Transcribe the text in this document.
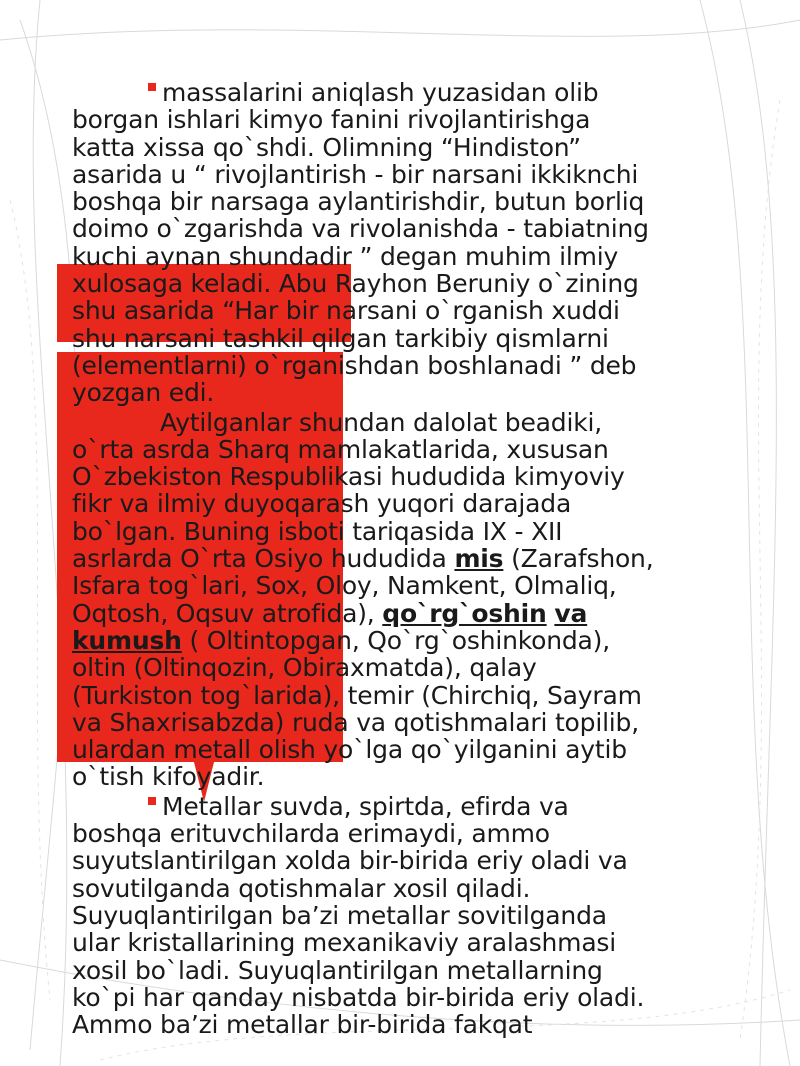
massalarini aniqlash yuzasidan olib
borgan ishlari kimyo fanini rivojlantirishga
katta xissa qo`shdi. Olimning “Hindiston”
asarida u “ rivojlantirish - bir narsani ikkiknchi
boshqa bir narsaga aylantirishdir, butun borliq
doimo o`zgarishda va rivolanishda - tabiatning
kuchi aynan shundadir ” degan muhim ilmiy
xulosaga keladi. Abu Rayhon Beruniy o`zining
shu asarida “Har bir narsani o`rganish xuddi
shu narsani tashkil qilgan tarkibiy qismlarni
(elementlarni) o`rganishdan boshlanadi ” deb
yozgan edi.
Aytilganlar shundan dalolat beadiki,
o`rta asrda Sharq mamlakatlarida, xususan
O`zbekiston Respublikasi hududida kimyoviy
fikr va ilmiy duyoqarash yuqori darajada
bo`lgan. Buning isboti tariqasida IX - XII
asrlarda O`rta Osiyo hududida mis (Zarafshon,
Isfara tog`lari, Sox, Oloy, Namkent, Olmaliq,
Oqtosh, Oqsuv atrofida), qo`rg`oshin va
kumush ( Oltintopgan, Qo`rg`oshinkonda),
oltin (Oltinqozin, Obiraxmatda), qalay
(Turkiston tog`larida), temir (Chirchiq, Sayram
va Shaxrisabzda) ruda va qotishmalari topilib,
ulardan metall olish yo`lga qo`yilganini aytib
o`tish kifoyadir.
Metallar suvda, spirtda, efirda va
boshqa erituvchilarda erimaydi, ammo
suyutslantirilgan xolda bir-birida eriy oladi va
sovutilganda qotishmalar xosil qiladi.
Suyuqlantirilgan ba’zi metallar sovitilganda
ular kristallarining mexanikaviy aralashmasi
xosil bo`ladi. Suyuqlantirilgan metallarning
ko`pi har qanday nisbatda bir-birida eriy oladi.
Ammo ba’zi metallar bir-birida fakqat
